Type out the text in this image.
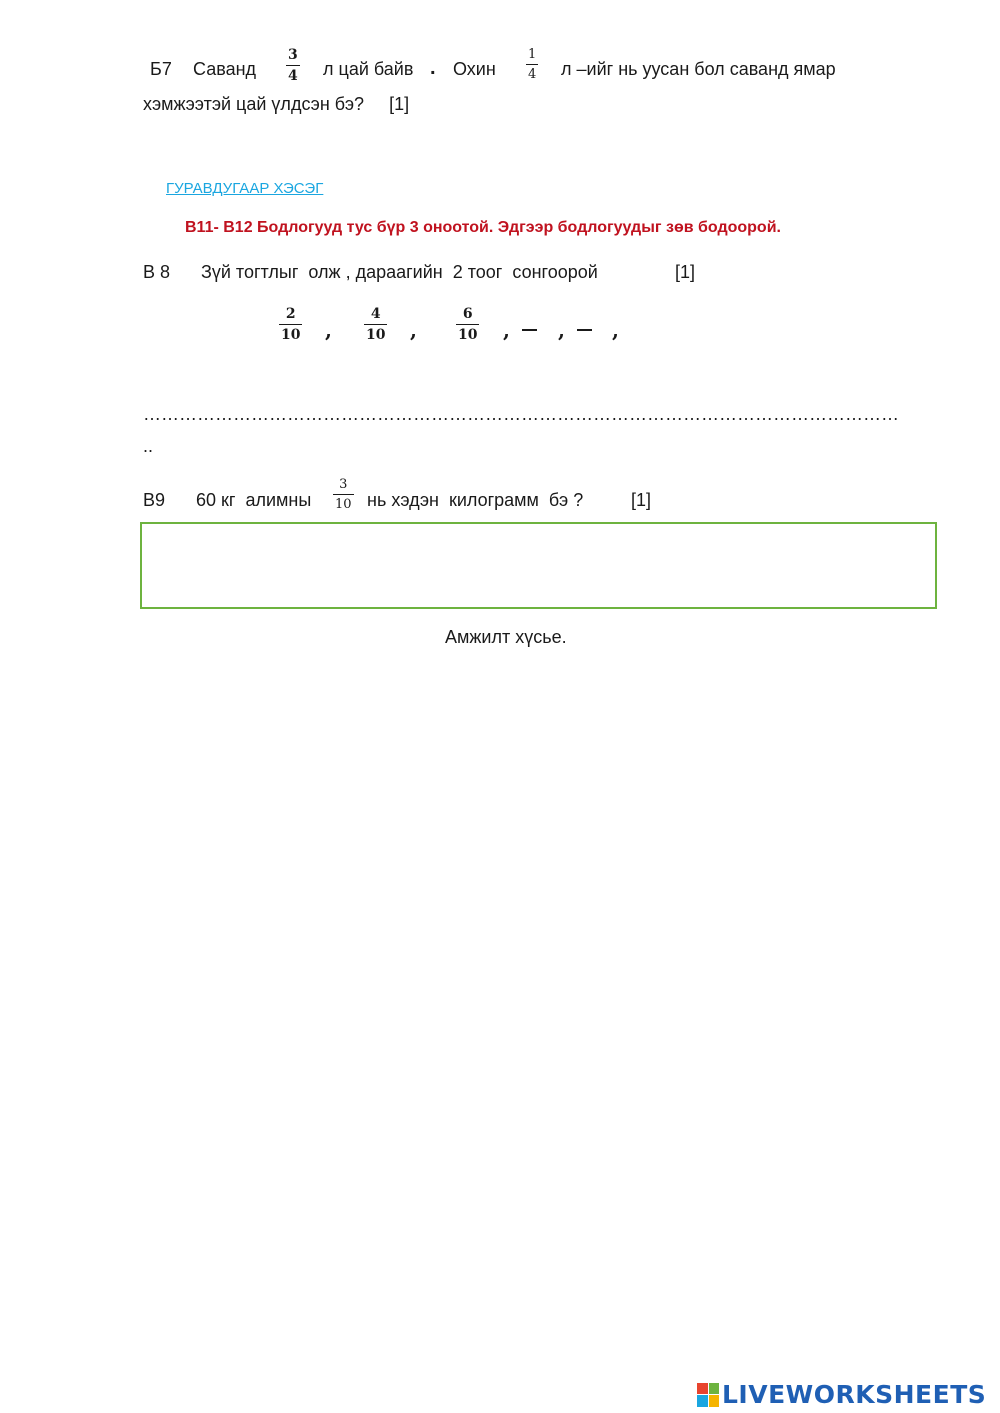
Б7 Саванд
3
4 л цай байв . Охин
1
4 л –ийг нь уусан бол саванд ямар
хэмжээтэй цай үлдсэн бэ?     [1]
ГУРАВДУГААР ХЭСЭГ
В11- В12 Бодлогууд тус бүр 3 оноотой. Эдгээр бодлогуудыг зөв бодоорой.
В 8 Зүй тогтлыг  олж , дараагийн  2 тоог  сонгоорой	[1]
2
10 ,
4
10 ,
6
10 , , ,
………………………………………………………………………………………………………………
..
В9 60 кг  алимны
3
10 нь хэдэн  килограмм  бэ ?	[1]
Амжилт хүсье.
LIVEWORKSHEETS
